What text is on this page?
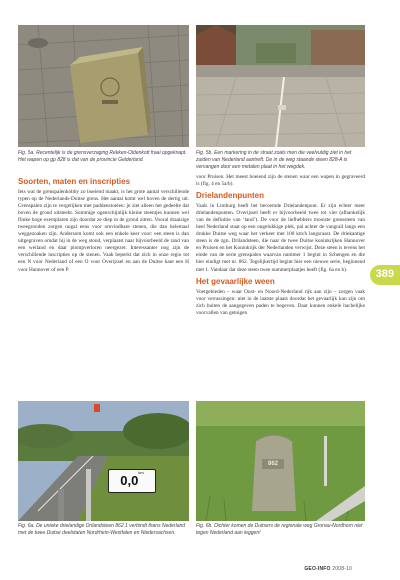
Fig. 5a. Recentelijk is de grensverzaging Rekken-Oldenkott fraai opgeknapt. Het wapen op gp 828 is dat van de provincie Gelderland.
Fig. 5b. Een markering in de straat zoals men die veelvuldig ziet in het zuiden van Nederland aantreft. De in de weg staande steen 828-A is vervangen door een metalen plaat in het wegdek.
Soorten, maten en inscripties

Iets wat de grenspalenhobby zo boeiend maakt, is het grote aantal verschillende typen op de Nederlands-Duitse grens. Het aantal komt wel boven de dertig uit. Grenspalen zijn te vergelijken met paddenstoelen: je ziet alleen het gedeelte dat boven de grond uitsteekt. Sommige ogenschijnlijk kleine steentjes kunnen wel flinke hoge exemplaren zijn doordat ze diep in de grond zitten. Vooral draaisige tweegronden zorgen nogal eens voor omvindbare stenen, die dan helemaal weggezoaken zijn. Andersom komt ook een enkele keer voor: een steen is dan uitgegraven omdat hij in de weg stond, verplaatst naar bijvoorbeeld de rand van een weiland en daar plompverloren neergezet. Interessanter nog zijn de verschillende inscripties op de stenen. Vaak beperkt dat zich in onze regio tot een N voor Nederland of een O voor Overijssel en aan de Duitse kant een H voor Hannover of een P

voor Pruisen. Het meest boeiend zijn de stenen waar een wapen in gegraveerd is (fig. 4 en 5a/b).

Drielandenpunten

Vaals in Limburg heeft het beroemde Drielandenpunt. Er zijn echter meer drielandenpunten. Overijssel heeft er bijvoorbeeld twee tot vier (afhankelijk van de definitie van ‘land’). De voor de liefhebbers mooiste grenssteen van heel Nederland staat op een ongelukkige plek, pal achter de vangrail langs een drukke Duitse weg waar het verkeer met 100 km/h langsraast. De driekantige steen is de zgn. Drilandsteen, die naar de twee Duitse koninkrijken Hannover en Pruisen en het Koninkrijk der Nederlanden verwijst. Deze steen is tevens het einde van de serie grenspalen waarvan nummer 1 begint in Schengen en die hier eindigt met nr. 862. Tegelijkertijd begint hier een nieuwe serie, beginnend met 1. Vandaar dat deze steen twee nummerplaatjes heeft (fig. 6a en b).

Het gevaarlijke ween

Voetgebieden – waar Oost- en Noord-Nederland rijk aan zijn – zorgen vaak voor verrassingen: niet in de laatste plaats doordat het gevaarlijk kan zijn om zich buiten de aangegeven paden te begeven. Daar kunnen enkele hachelijke voorvallen van getuigen

389
$0,0^{km}$
Fig. 6a. De unieke drielandige Drilandsteen 862.1 verbindt thans Nederland met de twee Duitse deelstaten Nordrhein-Westfalen en Niedersachsen.
862
Fig. 6b. Dichter komen de Duitsers de regionale weg Gronau-Nordhorn niet tegen Nederland aan leggen!
GEO-INFO 2008-10
